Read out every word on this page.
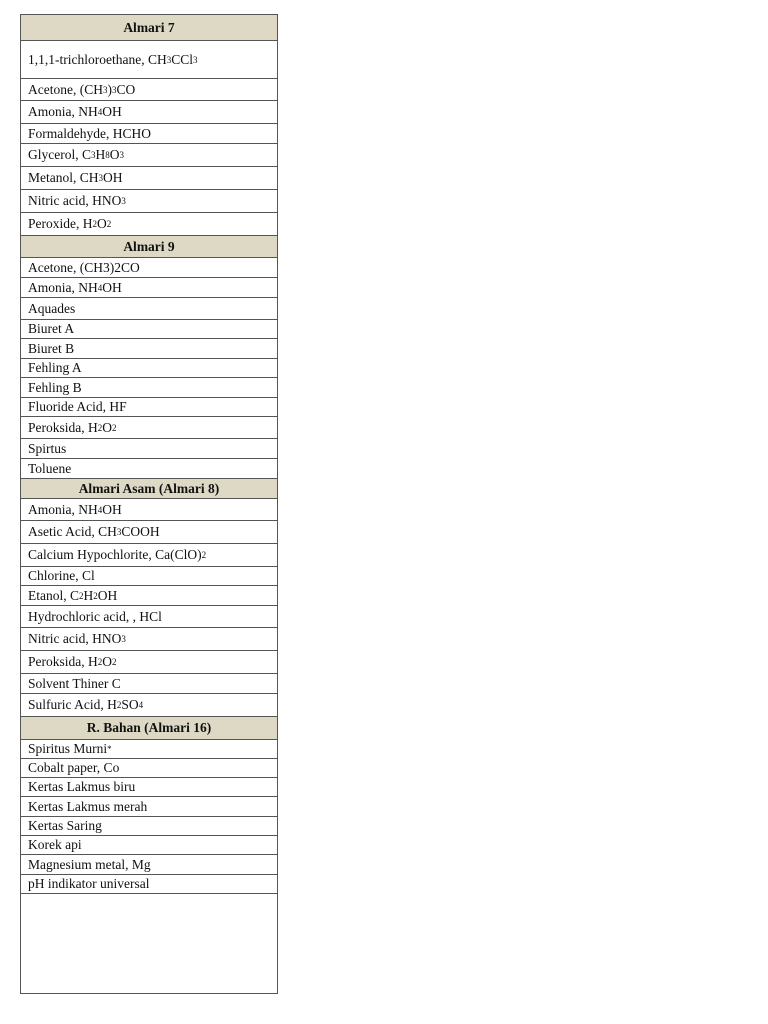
Almari 7
1,1,1-trichloroethane, CH 3 CCl 3
Acetone, (CH 3 ) 3 CO
Amonia, NH 4 OH
Formaldehyde, HCHO
Glycerol, C 3 H 8 O 3
Metanol, CH 3 OH
Nitric acid, HNO 3
Peroxide, H 2 O 2
Almari 9
Acetone, (CH3)2CO
Amonia, NH 4 OH
Aquades
Biuret A
Biuret B
Fehling A
Fehling B
Fluoride Acid, HF
Peroksida, H 2 O 2
Spirtus
Toluene
Almari Asam (Almari 8)
Amonia, NH 4 OH
Asetic Acid, CH 3 COOH
Calcium Hypochlorite, Ca(ClO) 2
Chlorine, Cl
Etanol, C 2 H 2 OH
Hydrochloric acid, , HCl
Nitric acid, HNO 3
Peroksida, H 2 O 2
Solvent Thiner C
Sulfuric Acid, H 2 SO 4
R. Bahan (Almari 16)
Spiritus Murni *
Cobalt paper, Co
Kertas Lakmus biru
Kertas Lakmus merah
Kertas Saring
Korek api
Magnesium metal, Mg
pH indikator universal
